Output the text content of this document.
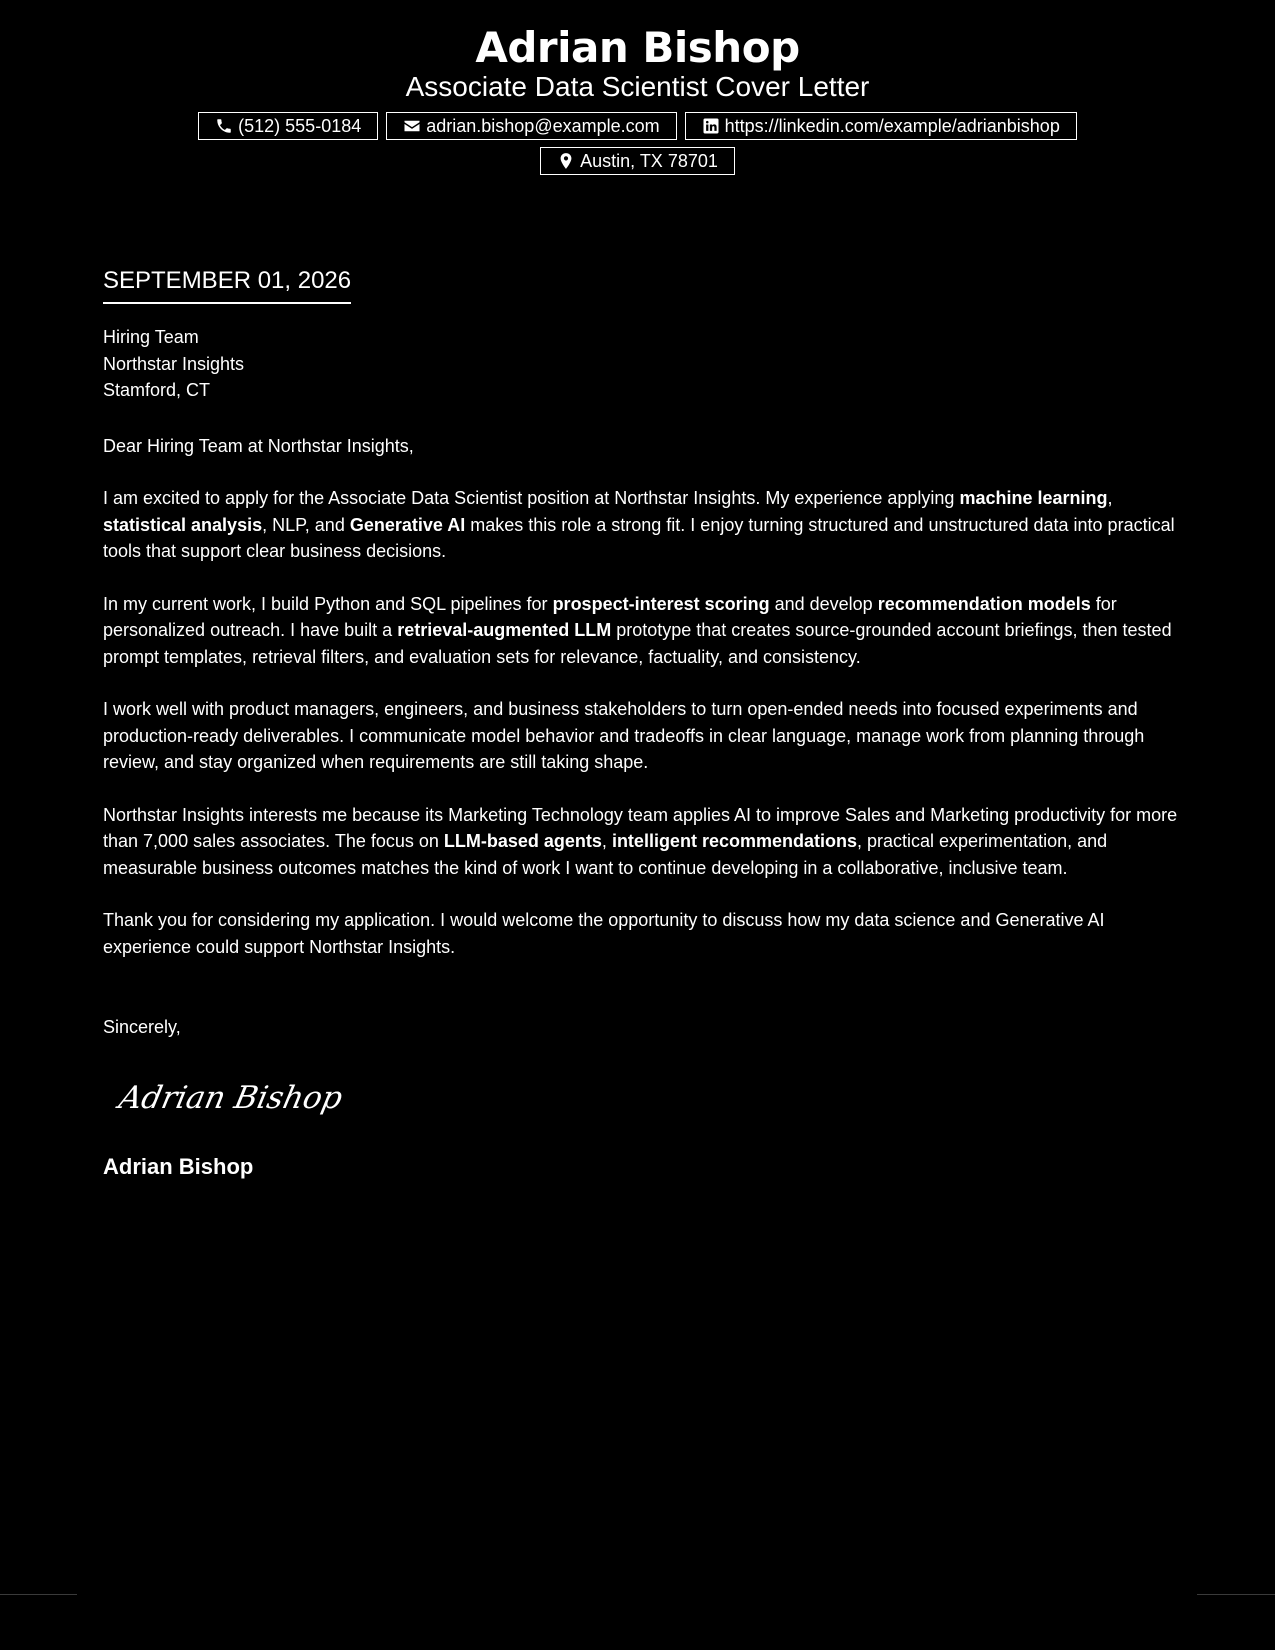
Adrian Bishop
Associate Data Scientist Cover Letter
(512) 555-0184	adrian.bishop@example.com	https://linkedin.com/example/adrianbishop
Austin, TX 78701
SEPTEMBER 01, 2026
Hiring Team
Northstar Insights
Stamford, CT
Dear Hiring Team at Northstar Insights,
I am excited to apply for the Associate Data Scientist position at Northstar Insights. My experience applying machine learning, statistical analysis, NLP, and Generative AI makes this role a strong fit. I enjoy turning structured and unstructured data into practical tools that support clear business decisions.
In my current work, I build Python and SQL pipelines for prospect-interest scoring and develop recommendation models for personalized outreach. I have built a retrieval-augmented LLM prototype that creates source-grounded account briefings, then tested prompt templates, retrieval filters, and evaluation sets for relevance, factuality, and consistency.
I work well with product managers, engineers, and business stakeholders to turn open-ended needs into focused experiments and production-ready deliverables. I communicate model behavior and tradeoffs in clear language, manage work from planning through review, and stay organized when requirements are still taking shape.
Northstar Insights interests me because its Marketing Technology team applies AI to improve Sales and Marketing productivity for more than 7,000 sales associates. The focus on LLM-based agents, intelligent recommendations, practical experimentation, and measurable business outcomes matches the kind of work I want to continue developing in a collaborative, inclusive team.
Thank you for considering my application. I would welcome the opportunity to discuss how my data science and Generative AI experience could support Northstar Insights.
Sincerely,
Adrian Bishop
Adrian Bishop
